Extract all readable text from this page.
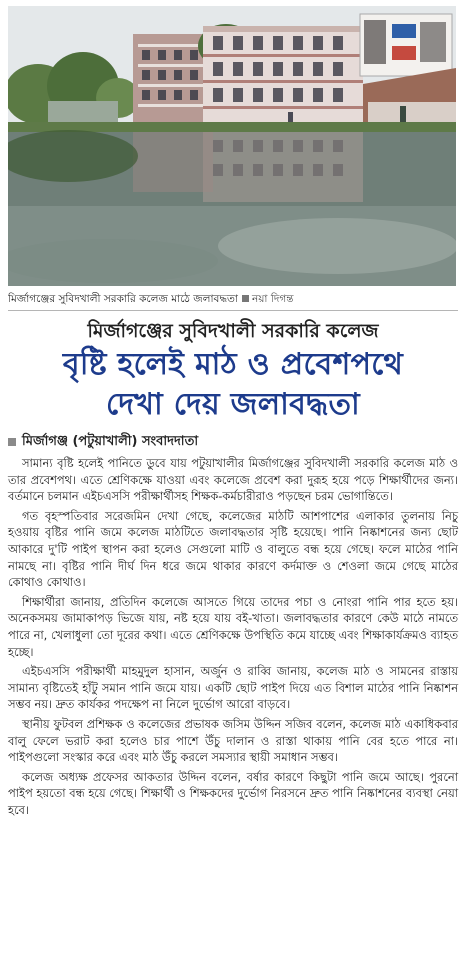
মির্জাগঞ্জের সুবিদখালী সরকারি কলেজ মাঠে জলাবদ্ধতা নয়া দিগন্ত
মির্জাগঞ্জের সুবিদখালী সরকারি কলেজ
বৃষ্টি হলেই মাঠ ও প্রবেশপথে
দেখা দেয় জলাবদ্ধতা
মির্জাগঞ্জ (পটুয়াখালী) সংবাদদাতা

সামান্য বৃষ্টি হলেই পানিতে ডুবে যায় পটুয়াখালীর মির্জাগঞ্জের সুবিদখালী সরকারি কলেজ মাঠ ও তার প্রবেশপথ। এতে শ্রেণিকক্ষে যাওয়া এবং কলেজে প্রবেশ করা দুরূহ হয়ে পড়ে শিক্ষার্থীদের জন্য। বর্তমানে চলমান এইচএসসি পরীক্ষার্থীসহ শিক্ষক-কর্মচারীরাও পড়ছেন চরম ভোগান্তিতে।

গত বৃহস্পতিবার সরেজমিন দেখা গেছে, কলেজের মাঠটি আশপাশের এলাকার তুলনায় নিচু হওয়ায় বৃষ্টির পানি জমে কলেজ মাঠটিতে জলাবদ্ধতার সৃষ্টি হয়েছে। পানি নিষ্কাশনের জন্য ছোট আকারে দু'টি পাইপ স্থাপন করা হলেও সেগুলো মাটি ও বালুতে বন্ধ হয়ে গেছে। ফলে মাঠের পানি নামছে না। বৃষ্টির পানি দীর্ঘ দিন ধরে জমে থাকার কারণে কর্দমাক্ত ও শেওলা জমে গেছে মাঠের কোথাও কোথাও।

শিক্ষার্থীরা জানায়, প্রতিদিন কলেজে আসতে গিয়ে তাদের পচা ও নোংরা পানি পার হতে হয়। অনেকসময় জামাকাপড় ভিজে যায়, নষ্ট হয়ে যায় বই-খাতা। জলাবদ্ধতার কারণে কেউ মাঠে নামতে পারে না, খেলাধুলা তো দূরের কথা। এতে শ্রেণিকক্ষে উপস্থিতি কমে যাচ্ছে এবং শিক্ষাকার্যক্রমও ব্যাহত হচ্ছে।

এইচএসসি পরীক্ষার্থী মাহমুদুল হাসান, অর্জুন ও রাব্বি জানায়, কলেজ মাঠ ও সামনের রাস্তায় সামান্য বৃষ্টিতেই হাঁটু সমান পানি জমে যায়। একটি ছোট পাইপ দিয়ে এত বিশাল মাঠের পানি নিষ্কাশন সম্ভব নয়। দ্রুত কার্যকর পদক্ষেপ না নিলে দুর্ভোগ আরো বাড়বে।

স্থানীয় ফুটবল প্রশিক্ষক ও কলেজের প্রভাষক জসিম উদ্দিন সজিব বলেন, কলেজ মাঠ একাধিকবার বালু ফেলে ভরাট করা হলেও চার পাশে উঁচু দালান ও রাস্তা থাকায় পানি বের হতে পারে না। পাইপগুলো সংস্কার করে এবং মাঠ উঁচু করলে সমস্যার স্থায়ী সমাধান সম্ভব।

কলেজ অধ্যক্ষ প্রফেসর আকতার উদ্দিন বলেন, বর্ষার কারণে কিছুটা পানি জমে আছে। পুরনো পাইপ হয়তো বন্ধ হয়ে গেছে। শিক্ষার্থী ও শিক্ষকদের দুর্ভোগ নিরসনে দ্রুত পানি নিষ্কাশনের ব্যবস্থা নেয়া হবে।
